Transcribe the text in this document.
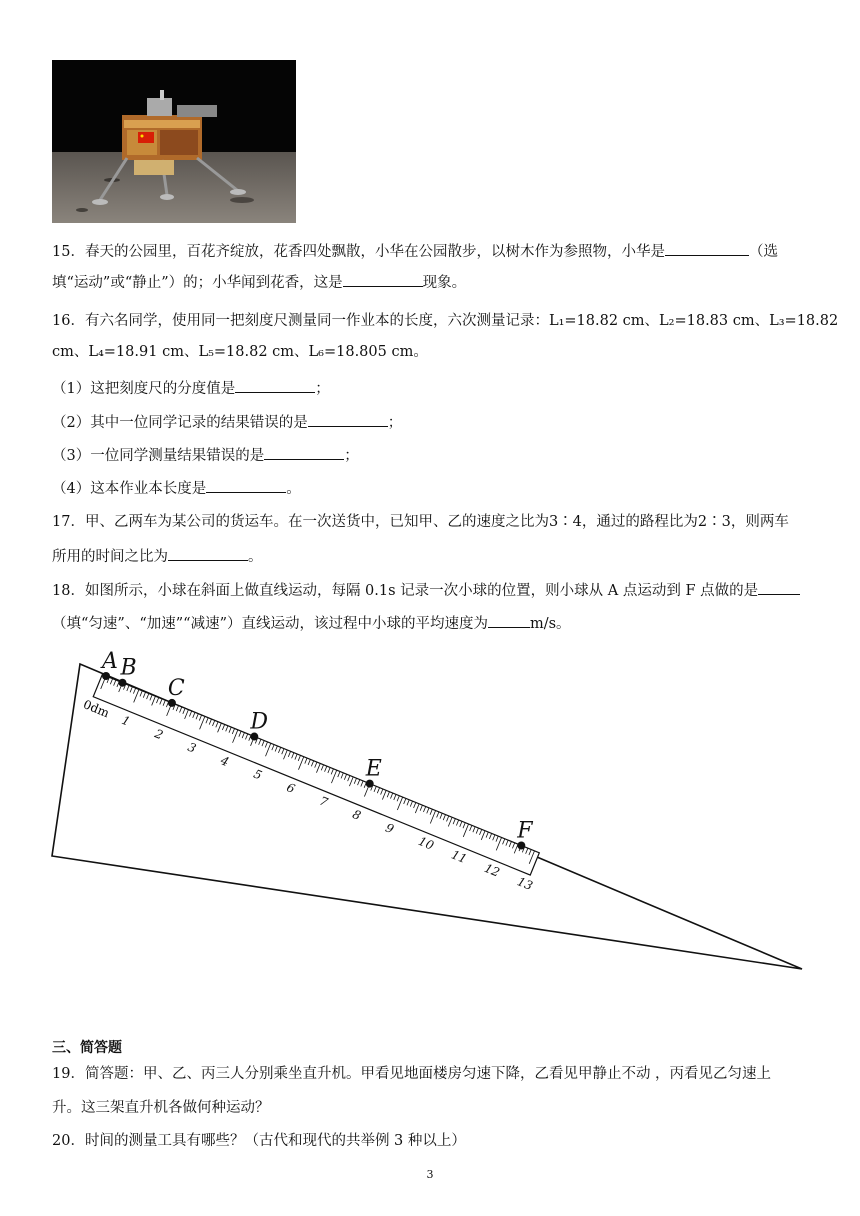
15．春天的公园里，百花齐绽放，花香四处飘散，小华在公园散步，以树木作为参照物，小华是	（选
填“运动”或“静止”）的；小华闻到花香，这是	现象。
16．有六名同学，使用同一把刻度尺测量同一作业本的长度，六次测量记录：L₁=18.82 cm、L₂=18.83 cm、L₃=18.82
cm、L₄=18.91 cm、L₅=18.82 cm、L₆=18.805 cm。
（1）这把刻度尺的分度值是	；
（2）其中一位同学记录的结果错误的是	；
（3）一位同学测量结果错误的是	；
（4）这本作业本长度是	。
17．甲、乙两车为某公司的货运车。在一次送货中，已知甲、乙的速度之比为3∶4，通过的路程比为2∶3，则两车
所用的时间之比为	。
18．如图所示，小球在斜面上做直线运动，每隔 0.1s 记录一次小球的位置，则小球从 A 点运动到 F 点做的是
（填“匀速”、“加速”“减速”）直线运动，该过程中小球的平均速度为	m/s。
1
2
3
4
5
6
7
8
9
10
11
12
13
0dm
A B
C
D
E
F
三、简答题
19．简答题：甲、乙、丙三人分别乘坐直升机。甲看见地面楼房匀速下降，乙看见甲静止不动 ，丙看见乙匀速上
升。这三架直升机各做何种运动？
20．时间的测量工具有哪些？（古代和现代的共举例 3 种以上）
3
